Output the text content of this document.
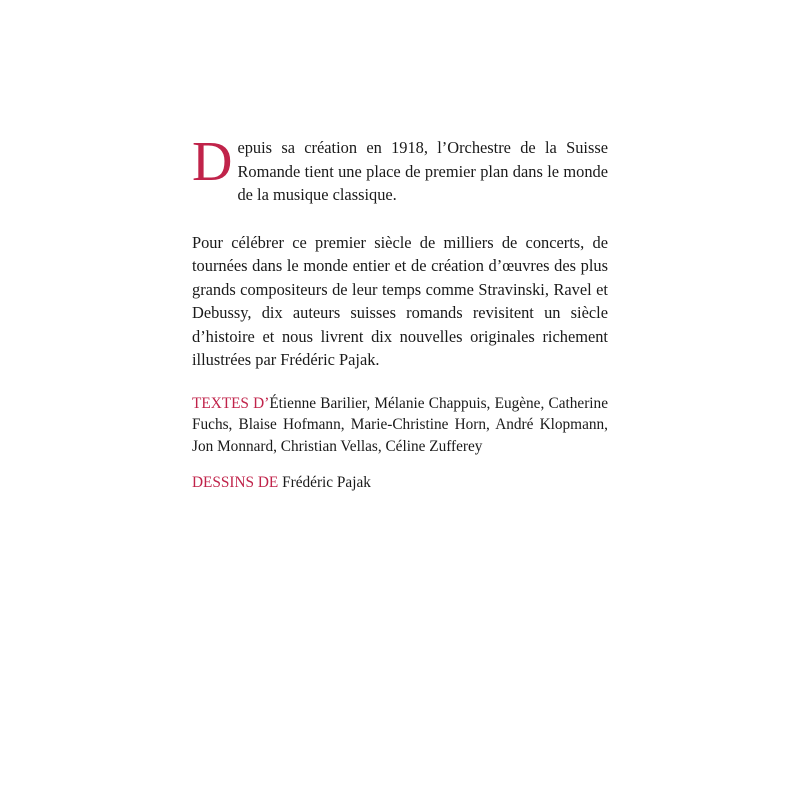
Depuis sa création en 1918, l’Orchestre de la Suisse Romande tient une place de premier plan dans le monde de la musique classique.

Pour célébrer ce premier siècle de milliers de concerts, de tournées dans le monde entier et de création d’œuvres des plus grands compositeurs de leur temps comme Stravinski, Ravel et Debussy, dix auteurs suisses romands revisitent un siècle d’histoire et nous livrent dix nouvelles originales richement illustrées par Frédéric Pajak.

TEXTES D’Étienne Barilier, Mélanie Chappuis, Eugène, Catherine Fuchs, Blaise Hofmann, Marie-Christine Horn, André Klopmann, Jon Monnard, Christian Vellas, Céline Zufferey

DESSINS DE Frédéric Pajak
